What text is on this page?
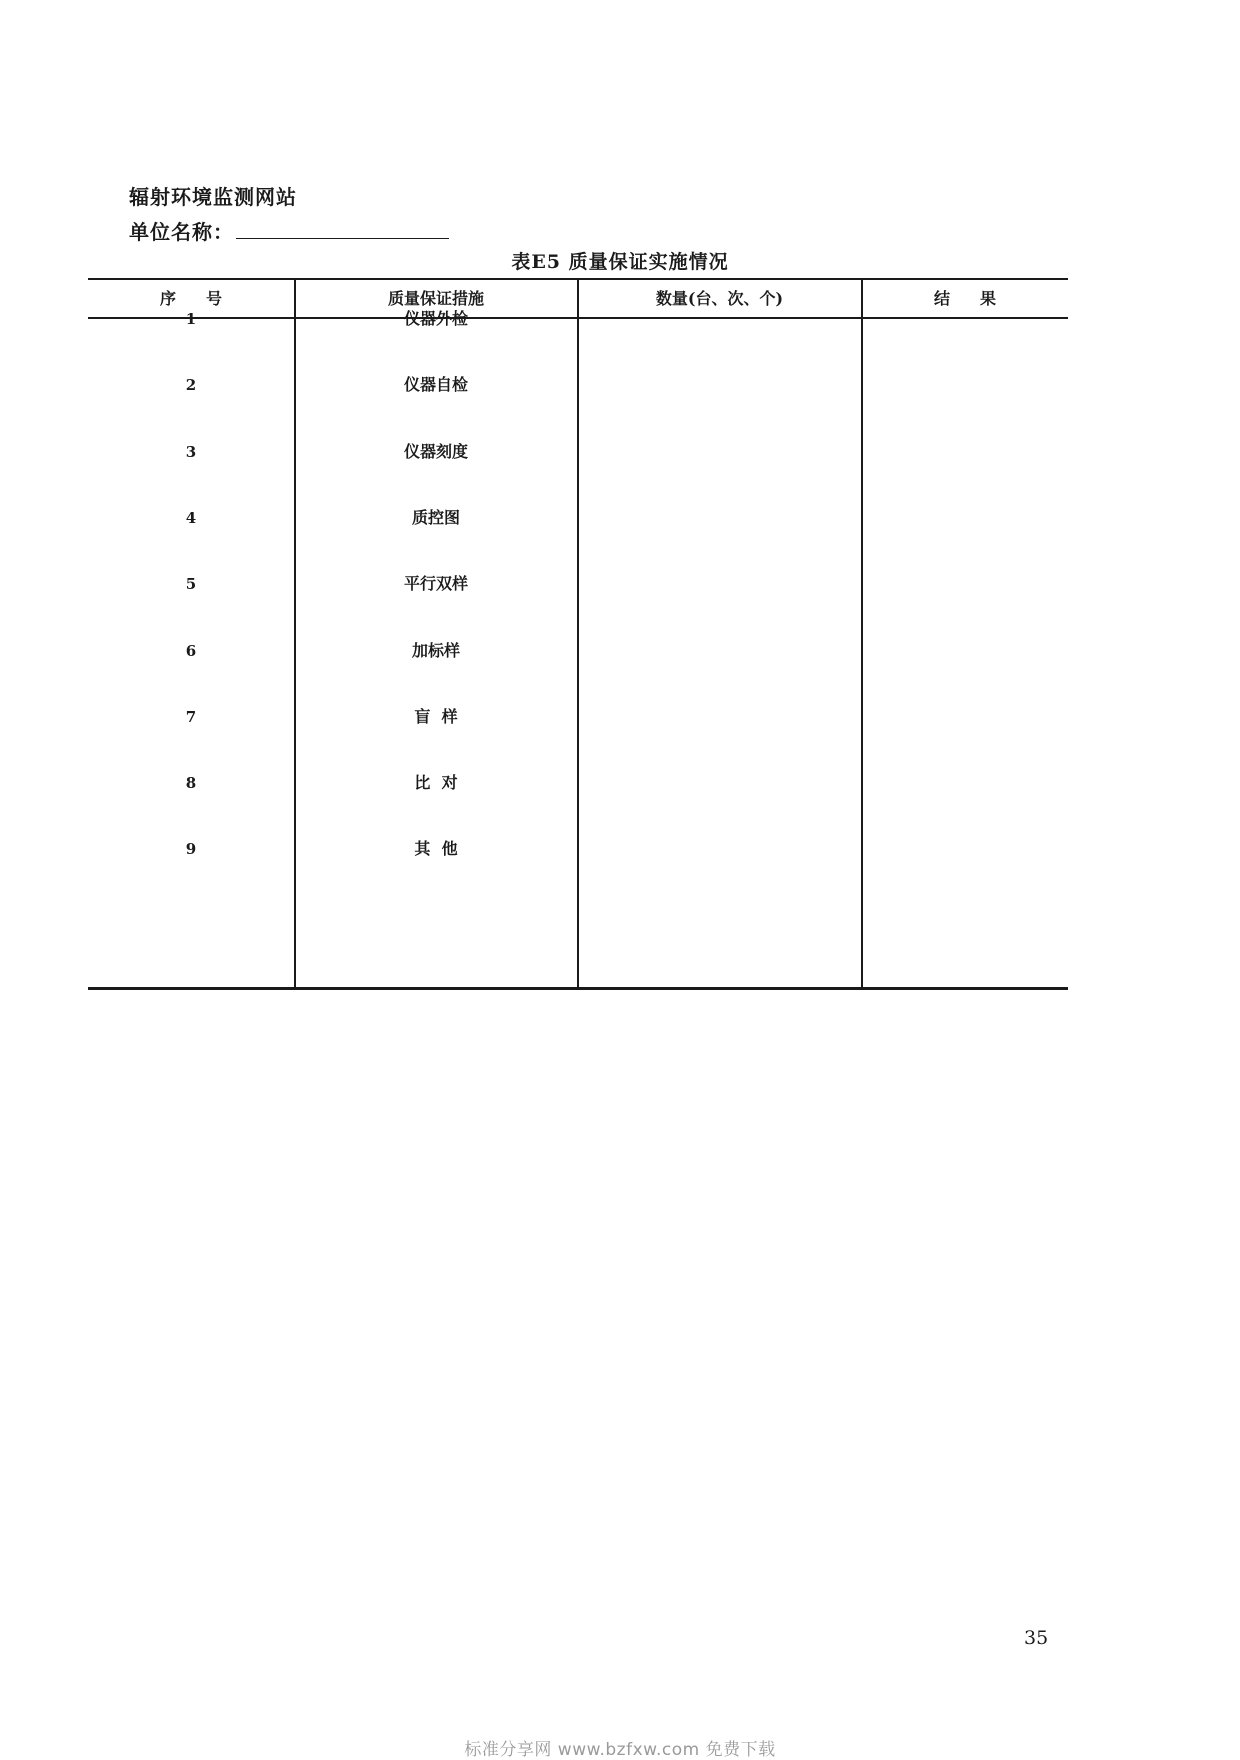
辐射环境监测网站
单位名称：
表E5 质量保证实施情况
序号	质量保证措施	数量(台、次、个)	结果
1	仪器外检
2	仪器自检
3	仪器刻度
4	质控图
5	平行双样
6	加标样
7	盲  样
8	比  对
9	其  他
35
标准分享网 www.bzfxw.com 免费下载
